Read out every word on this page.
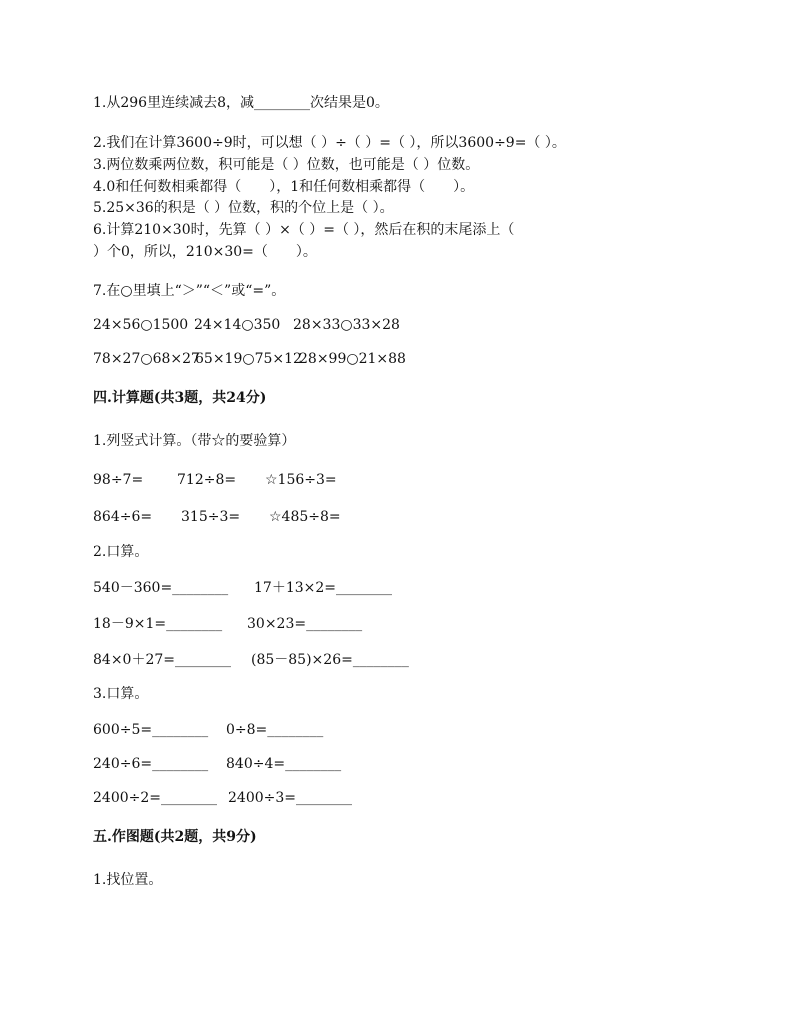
1.从296里连续减去8，减________次结果是0。
2.我们在计算3600÷9时，可以想（ ）÷（ ）=（ ），所以3600÷9=（ ）。
3.两位数乘两位数，积可能是（ ）位数，也可能是（ ）位数。
4.0和任何数相乘都得（　　），1和任何数相乘都得（　　）。
5.25×36的积是（ ）位数，积的个位上是（ ）。
6.计算210×30时，先算（ ）×（ ）=（ ），然后在积的末尾添上（
）个0，所以，210×30=（　　）。
7.在○里填上“＞”“＜”或“=”。
24×56○1500 24×14○350 28×33○33×28
78×27○68×27
65×19○75×12
28×99○21×88
四.计算题(共3题，共24分)
1.列竖式计算。（带☆的要验算）
98÷7= 712÷8= ☆156÷3=
864÷6= 315÷3= ☆485÷8=
2.口算。
540－360=________ 17＋13×2=________
18－9×1=________ 30×23=________
84×0＋27=________ (85－85)×26=________
3.口算。
600÷5=________ 0÷8=________
240÷6=________ 840÷4=________
2400÷2=________ 2400÷3=________
五.作图题(共2题，共9分)
1.找位置。
